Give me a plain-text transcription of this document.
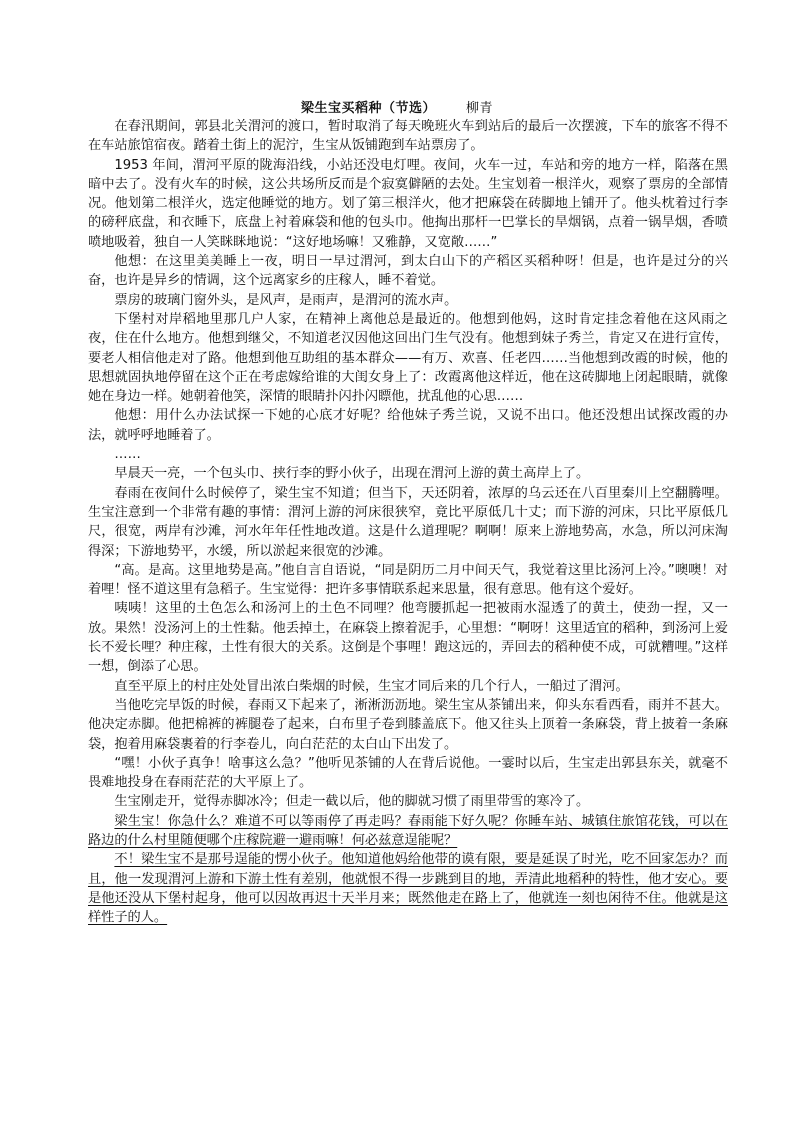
梁生宝买稻种（节选） 柳青

在春汛期间，郭县北关渭河的渡口，暂时取消了每天晚班火车到站后的最后一次摆渡，下车的旅客不得不在车站旅馆宿夜。踏着土街上的泥泞，生宝从饭铺跑到车站票房了。

1953 年间，渭河平原的陇海沿线，小站还没电灯哩。夜间，火车一过，车站和旁的地方一样，陷落在黑暗中去了。没有火车的时候，这公共场所反而是个寂寞僻陋的去处。生宝划着一根洋火，观察了票房的全部情况。他划第二根洋火，选定他睡觉的地方。划了第三根洋火，他才把麻袋在砖脚地上铺开了。他头枕着过行李的磅秤底盘，和衣睡下，底盘上衬着麻袋和他的包头巾。他掏出那杆一巴掌长的旱烟锅，点着一锅旱烟，香喷喷地吸着，独自一人笑眯眯地说：“这好地场嘛！又雅静，又宽敞……”

他想：在这里美美睡上一夜，明日一早过渭河，到太白山下的产稻区买稻种呀！但是，也许是过分的兴奋，也许是异乡的情调，这个远离家乡的庄稼人，睡不着觉。

票房的玻璃门窗外头，是风声，是雨声，是渭河的流水声。

下堡村对岸稻地里那几户人家，在精神上离他总是最近的。他想到他妈，这时肯定挂念着他在这风雨之夜，住在什么地方。他想到继父，不知道老汉因他这回出门生气没有。他想到妹子秀兰，肯定又在进行宣传，要老人相信他走对了路。他想到他互助组的基本群众——有万、欢喜、任老四……当他想到改霞的时候，他的思想就固执地停留在这个正在考虑嫁给谁的大闺女身上了：改霞离他这样近，他在这砖脚地上闭起眼睛，就像她在身边一样。她朝着他笑，深情的眼睛扑闪扑闪瞟他，扰乱他的心思……

他想：用什么办法试探一下她的心底才好呢？给他妹子秀兰说，又说不出口。他还没想出试探改霞的办法，就呼呼地睡着了。

……

早晨天一亮，一个包头巾、挟行李的野小伙子，出现在渭河上游的黄土高岸上了。

春雨在夜间什么时候停了，梁生宝不知道；但当下，天还阴着，浓厚的乌云还在八百里秦川上空翻腾哩。生宝注意到一个非常有趣的事情：渭河上游的河床很狭窄，竟比平原低几十丈；而下游的河床，只比平原低几尺，很宽，两岸有沙滩，河水年年任性地改道。这是什么道理呢？啊啊！原来上游地势高，水急，所以河床淘得深；下游地势平，水缓，所以淤起来很宽的沙滩。

“高。是高。这里地势是高。”他自言自语说，“同是阴历二月中间天气，我觉着这里比汤河上冷。”噢噢！对着哩！怪不道这里有急稻子。生宝觉得：把许多事情联系起来思量，很有意思。他有这个爱好。

咦咦！这里的土色怎么和汤河上的土色不同哩？他弯腰抓起一把被雨水湿透了的黄土，使劲一捏，又一放。果然！没汤河上的土性黏。他丢掉土，在麻袋上擦着泥手，心里想：“啊呀！这里适宜的稻种，到汤河上爱长不爱长哩？种庄稼，土性有很大的关系。这倒是个事哩！跑这远的，弄回去的稻种使不成，可就糟哩。”这样一想，倒添了心思。

直至平原上的村庄处处冒出浓白柴烟的时候，生宝才同后来的几个行人，一船过了渭河。

当他吃完早饭的时候，春雨又下起来了，淅淅沥沥地。梁生宝从茶铺出来，仰头东看西看，雨并不甚大。他决定赤脚。他把棉裤的裤腿卷了起来，白布里子卷到膝盖底下。他又往头上顶着一条麻袋，背上披着一条麻袋，抱着用麻袋裹着的行李卷儿，向白茫茫的太白山下出发了。

“嘿！小伙子真争！啥事这么急？”他听见茶铺的人在背后说他。一霎时以后，生宝走出郭县东关，就毫不畏难地投身在春雨茫茫的大平原上了。

生宝刚走开，觉得赤脚冰冷；但走一截以后，他的脚就习惯了雨里带雪的寒冷了。

梁生宝！你急什么？难道不可以等雨停了再走吗？春雨能下好久呢？你睡车站、城镇住旅馆花钱，可以在路边的什么村里随便哪个庄稼院避一避雨嘛！何必兹意逞能呢？

不！梁生宝不是那号逞能的愣小伙子。他知道他妈给他带的谟有限，要是延误了时光，吃不回家怎办？而且，他一发现渭河上游和下游土性有差别，他就恨不得一步跳到目的地，弄清此地稻种的特性，他才安心。要是他还没从下堡村起身，他可以因故再迟十天半月来；既然他走在路上了，他就连一刻也闲待不住。他就是这样性子的人。
